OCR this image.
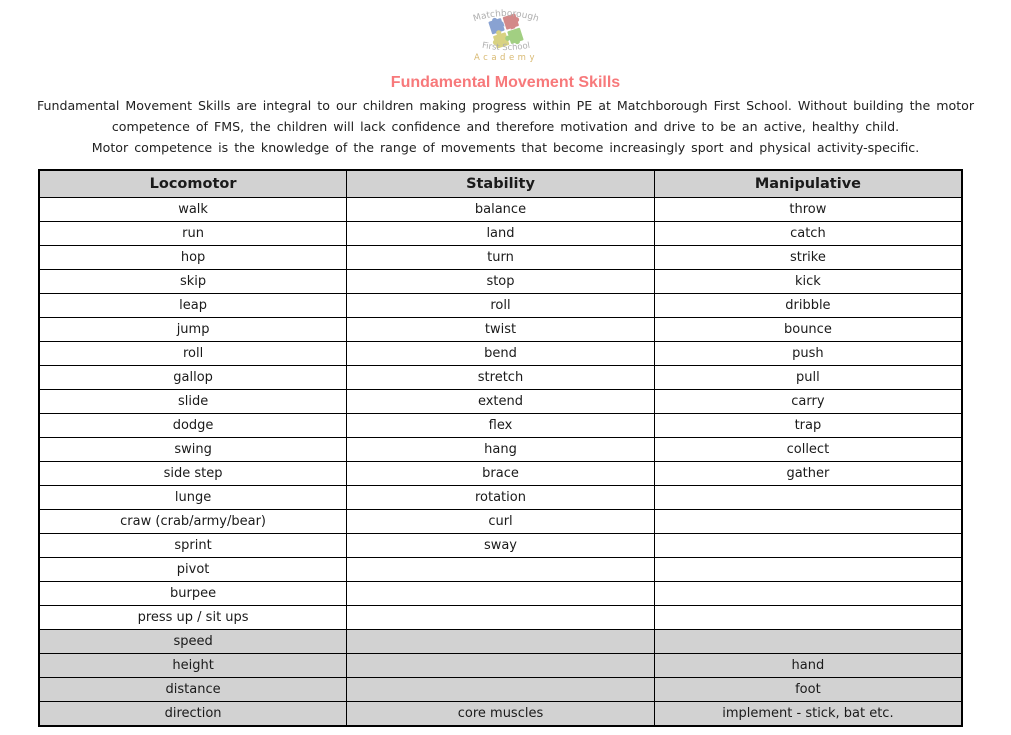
Matchborough
First School
Academy
Fundamental Movement Skills
Fundamental Movement Skills are integral to our children making progress within PE at Matchborough First School. Without building the motor
competence of FMS, the children will lack confidence and therefore motivation and drive to be an active, healthy child.
Motor competence is the knowledge of the range of movements that become increasingly sport and physical activity-specific.
Locomotor	Stability	Manipulative
walk	balance	throw
run	land	catch
hop	turn	strike
skip	stop	kick
leap	roll	dribble
jump	twist	bounce
roll	bend	push
gallop	stretch	pull
slide	extend	carry
dodge	flex	trap
swing	hang	collect
side step	brace	gather
lunge	rotation	
craw (crab/army/bear)	curl	
sprint	sway	
pivot		
burpee		
press up / sit ups		
speed		
height		hand
distance		foot
direction	core muscles	implement - stick, bat etc.
